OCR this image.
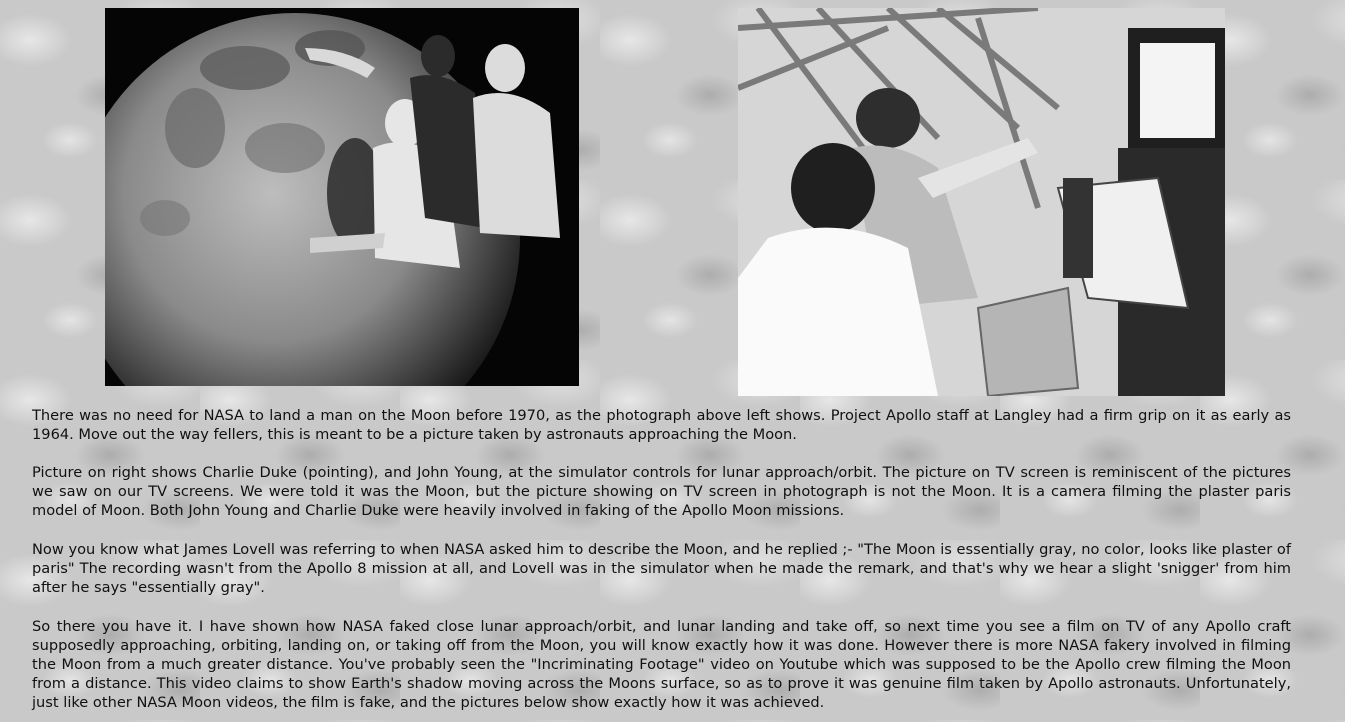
There was no need for NASA to land a man on the Moon before 1970, as the photograph above left shows. Project Apollo staff at Langley had a firm grip on it as early as 1964. Move out the way fellers, this is meant to be a picture taken by astronauts approaching the Moon.

Picture on right shows Charlie Duke (pointing), and John Young, at the simulator controls for lunar approach/orbit. The picture on TV screen is reminiscent of the pictures we saw on our TV screens. We were told it was the Moon, but the picture showing on TV screen in photograph is not the Moon. It is a camera filming the plaster paris model of Moon. Both John Young and Charlie Duke were heavily involved in faking of the Apollo Moon missions.

Now you know what James Lovell was referring to when NASA asked him to describe the Moon, and he replied ;- "The Moon is essentially gray, no color, looks like plaster of paris" The recording wasn't from the Apollo 8 mission at all, and Lovell was in the simulator when he made the remark, and that's why we hear a slight 'snigger' from him after he says "essentially gray".

So there you have it. I have shown how NASA faked close lunar approach/orbit, and lunar landing and take off, so next time you see a film on TV of any Apollo craft supposedly approaching, orbiting, landing on, or taking off from the Moon, you will know exactly how it was done. However there is more NASA fakery involved in filming the Moon from a much greater distance. You've probably seen the "Incriminating Footage" video on Youtube which was supposed to be the Apollo crew filming the Moon from a distance. This video claims to show Earth's shadow moving across the Moons surface, so as to prove it was genuine film taken by Apollo astronauts. Unfortunately, just like other NASA Moon videos, the film is fake, and the pictures below show exactly how it was achieved.
